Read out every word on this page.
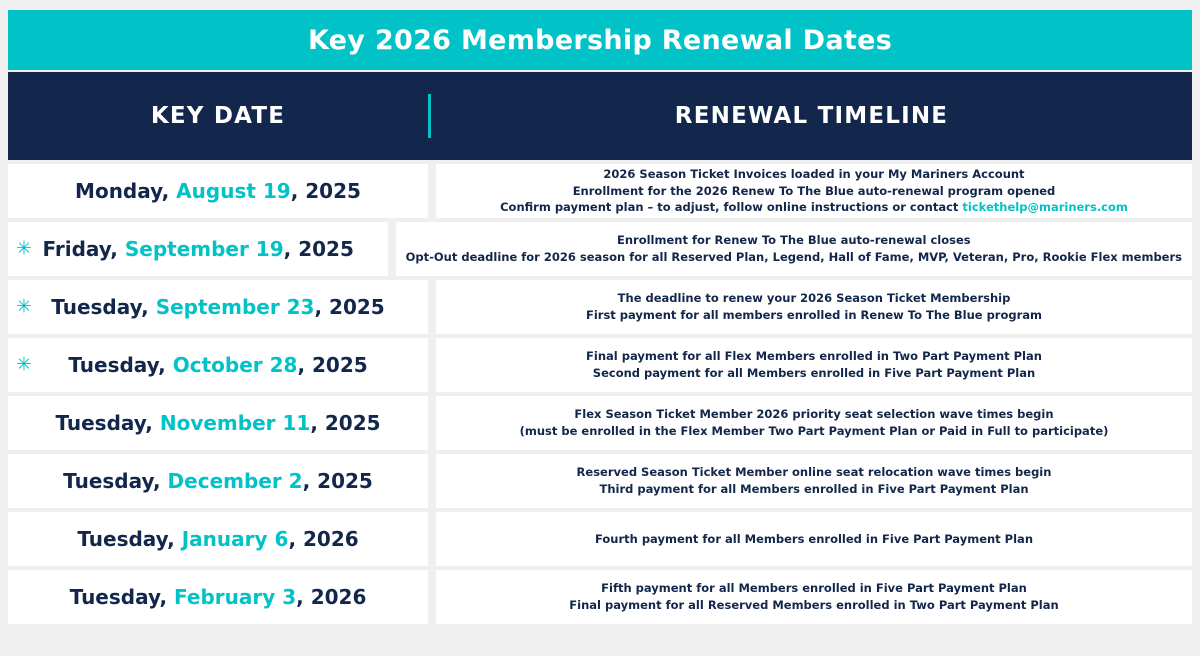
Key 2026 Membership Renewal Dates
KEY DATE	RENEWAL TIMELINE
Monday, August 19, 2025
2026 Season Ticket Invoices loaded in your My Mariners Account
Enrollment for the 2026 Renew To The Blue auto-renewal program opened
Confirm payment plan – to adjust, follow online instructions or contact tickethelp@mariners.com
✳ Friday, September 19, 2025	Enrollment for Renew To The Blue auto-renewal closes
Opt-Out deadline for 2026 season for all Reserved Plan, Legend, Hall of Fame, MVP, Veteran, Pro, Rookie Flex members
✳ Tuesday, September 23, 2025	The deadline to renew your 2026 Season Ticket Membership
First payment for all members enrolled in Renew To The Blue program
✳ Tuesday, October 28, 2025	Final payment for all Flex Members enrolled in Two Part Payment Plan
Second payment for all Members enrolled in Five Part Payment Plan
Tuesday, November 11, 2025	Flex Season Ticket Member 2026 priority seat selection wave times begin
(must be enrolled in the Flex Member Two Part Payment Plan or Paid in Full to participate)
Tuesday, December 2, 2025	Reserved Season Ticket Member online seat relocation wave times begin
Third payment for all Members enrolled in Five Part Payment Plan
Tuesday, January 6, 2026	Fourth payment for all Members enrolled in Five Part Payment Plan
Tuesday, February 3, 2026	Fifth payment for all Members enrolled in Five Part Payment Plan
Final payment for all Reserved Members enrolled in Two Part Payment Plan
